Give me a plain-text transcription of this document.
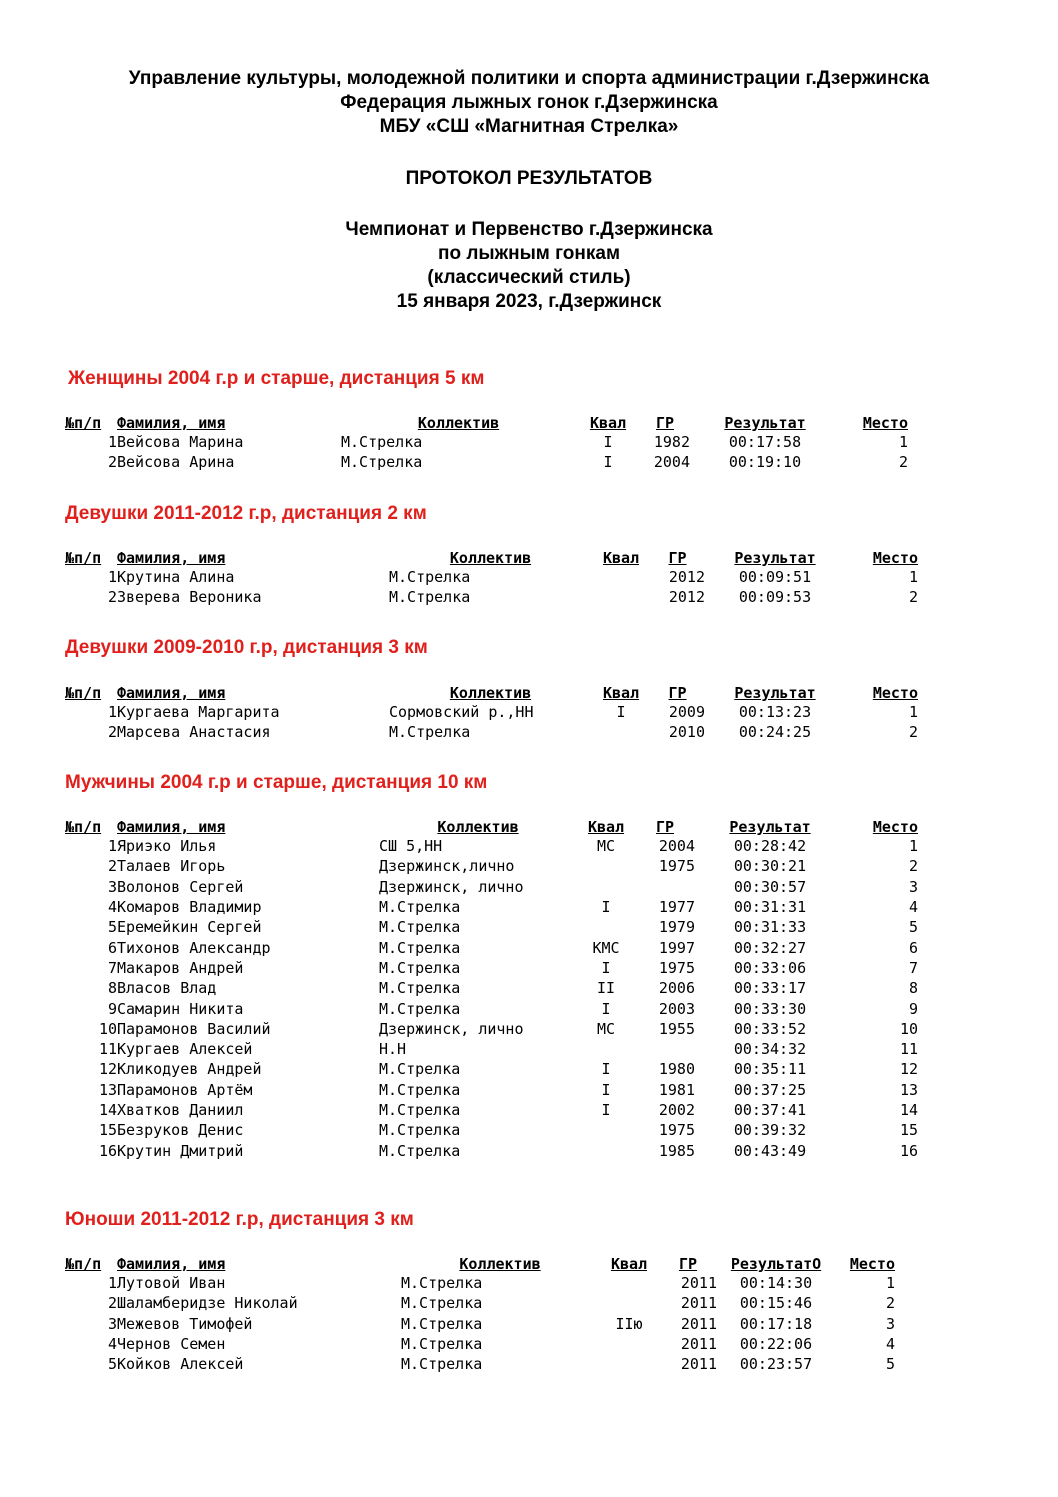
Управление культуры, молодежной политики и спорта администрации г.Дзержинска
Федерация лыжных гонок г.Дзержинска
МБУ «СШ «Магнитная Стрелка»
ПРОТОКОЛ РЕЗУЛЬТАТОВ
Чемпионат и Первенство г.Дзержинска
по лыжным гонкам
(классический стиль)
15 января 2023, г.Дзержинск
Женщины 2004 г.р и старше, дистанция 5 км
№п/п	Фамилия, имя	Коллектив	Квал	ГР	Результат	Место
1	Вейсова Марина	М.Стрелка	I	1982	00:17:58	1
2	Вейсова Арина	М.Стрелка	I	2004	00:19:10	2
Девушки 2011-2012 г.р, дистанция 2 км
№п/п	Фамилия, имя	Коллектив	Квал	ГР	Результат	Место
1	Крутина Алина	М.Стрелка		2012	00:09:51	1
2	Зверева Вероника	М.Стрелка		2012	00:09:53	2
Девушки 2009-2010 г.р, дистанция 3 км
№п/п	Фамилия, имя	Коллектив	Квал	ГР	Результат	Место
1	Кургаева Маргарита	Сормовский р.,НН	I	2009	00:13:23	1
2	Марсева Анастасия	М.Стрелка		2010	00:24:25	2
Мужчины 2004 г.р и старше, дистанция 10 км
№п/п	Фамилия, имя	Коллектив	Квал	ГР	Результат	Место
1	Яриэко Илья	СШ 5,НН	МС	2004	00:28:42	1
2	Талаев Игорь	Дзержинск,лично		1975	00:30:21	2
3	Волонов Сергей	Дзержинск, лично			00:30:57	3
4	Комаров Владимир	М.Стрелка	I	1977	00:31:31	4
5	Еремейкин Сергей	М.Стрелка		1979	00:31:33	5
6	Тихонов Александр	М.Стрелка	КМС	1997	00:32:27	6
7	Макаров Андрей	М.Стрелка	I	1975	00:33:06	7
8	Власов Влад	М.Стрелка	II	2006	00:33:17	8
9	Самарин Никита	М.Стрелка	I	2003	00:33:30	9
10	Парамонов Василий	Дзержинск, лично	МС	1955	00:33:52	10
11	Кургаев Алексей	Н.Н			00:34:32	11
12	Кликодуев Андрей	М.Стрелка	I	1980	00:35:11	12
13	Парамонов Артём	М.Стрелка	I	1981	00:37:25	13
14	Хватков Даниил	М.Стрелка	I	2002	00:37:41	14
15	Безруков Денис	М.Стрелка		1975	00:39:32	15
16	Крутин Дмитрий	М.Стрелка		1985	00:43:49	16
Юноши 2011-2012 г.р, дистанция 3 км
№п/п	Фамилия, имя	Коллектив	Квал	ГР	РезультатО	Место
1	Лутовой Иван	М.Стрелка		2011	00:14:30	1
2	Шаламберидзе Николай	М.Стрелка		2011	00:15:46	2
3	Межевов Тимофей	М.Стрелка	IIю	2011	00:17:18	3
4	Чернов Семен	М.Стрелка		2011	00:22:06	4
5	Койков Алексей	М.Стрелка		2011	00:23:57	5
